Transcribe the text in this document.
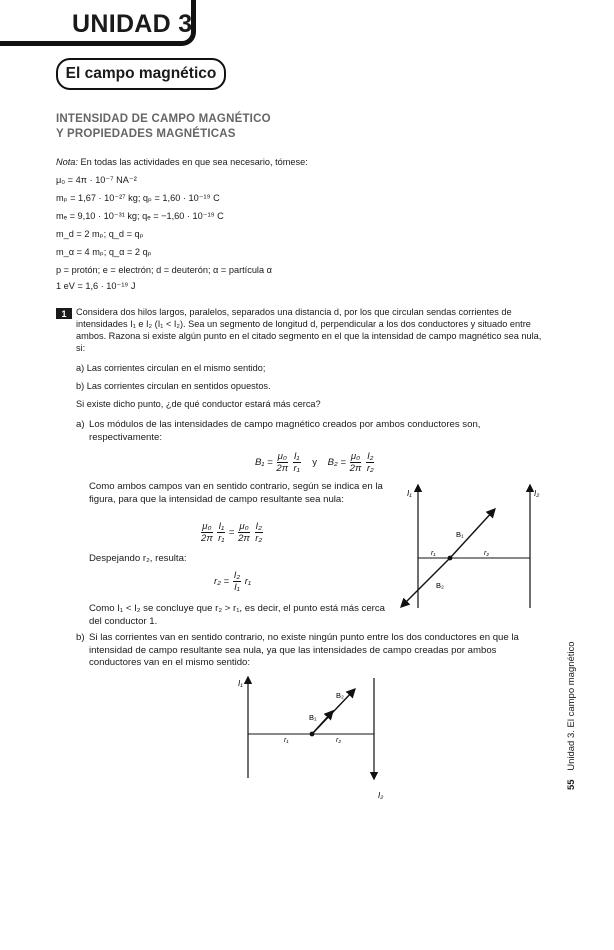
UNIDAD 3
El campo magnético
INTENSIDAD DE CAMPO MAGNÉTICO
Y PROPIEDADES MAGNÉTICAS
Nota: En todas las actividades en que sea necesario, tómese:
μ₀ = 4π · 10⁻⁷ NA⁻²
mₚ = 1,67 · 10⁻²⁷ kg; qₚ = 1,60 · 10⁻¹⁹ C
mₑ = 9,10 · 10⁻³¹ kg; qₑ = −1,60 · 10⁻¹⁹ C
m_d = 2 mₚ; q_d = qₚ
m_α = 4 mₚ; q_α = 2 qₚ
p = protón; e = electrón; d = deuterón; α = partícula α
1 eV = 1,6 · 10⁻¹⁹ J
1	Considera dos hilos largos, paralelos, separados una distancia d, por los que circulan sendas corrientes de intensidades I₁ e I₂ (I₁ < I₂). Sea un segmento de longitud d, perpendicular a los dos conductores y situado entre ambos. Razona si existe algún punto en el citado segmento en el que la intensidad de campo magnético sea nula, si:
a) Las corrientes circulan en el mismo sentido;
b) Las corrientes circulan en sentidos opuestos.
Si existe dicho punto, ¿de qué conductor estará más cerca?
a) Los módulos de las intensidades de campo magnético creados por ambos conductores son, respectivamente:
$B_1 = \frac{\text{μ₀}}{2\pi}$
$\frac{\text{I₁}}{\text{r₁}}$ y $B_2 = \frac{\text{μ₀}}{2\pi}$
$\frac{\text{I₂}}{\text{r₂}}$
Como ambos campos van en sentido contrario, según se indica en la figura, para que la intensidad de campo resultante sea nula:
$\frac{\text{μ₀}}{2\pi}$
$\frac{\text{I₁}}{\text{r₁}} = \frac{\text{μ₀}}{2\pi}$
$\frac{\text{I₂}}{\text{r₂}}$
Despejando r₂, resulta:
$r_2 = \frac{\text{I₂}}{\text{I₁}} r_1$
Como I₁ < I₂ se concluye que r₂ > r₁, es decir, el punto está más cerca del conductor 1.
I₁	I₂
r₁	r₂
B₁
B₂
b) Si las corrientes van en sentido contrario, no existe ningún punto entre los dos conductores en que la intensidad de campo resultante sea nula, ya que las intensidades de campo creadas por ambos conductores van en el mismo sentido:
I₁
I₂
r₁	r₂
B₁
B₂
55 Unidad 3. El campo magnético
